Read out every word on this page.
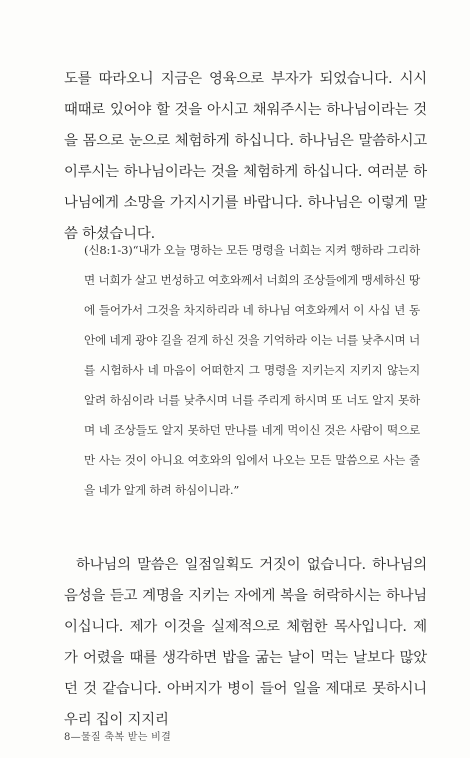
도를 따라오니 지금은 영육으로 부자가 되었습니다. 시시 때때로 있어야 할 것을 아시고 채워주시는 하나님이라는 것을 몸으로 눈으로 체험하게 하십니다. 하나님은 말씀하시고 이루시는 하나님이라는 것을 체험하게 하십니다. 여러분 하나님에게 소망을 가지시기를 바랍니다. 하나님은 이렇게 말씀 하셨습니다.

(신8:1-3)“내가 오늘 명하는 모든 명령을 너희는 지켜 행하라 그리하면 너희가 살고 번성하고 여호와께서 너희의 조상들에게 맹세하신 땅에 들어가서 그것을 차지하리라 네 하나님 여호와께서 이 사십 년 동안에 네게 광야 길을 걷게 하신 것을 기억하라 이는 너를 낮추시며 너를 시험하사 네 마음이 어떠한지 그 명령을 지키는지 지키지 않는지 알려 하심이라 너를 낮추시며 너를 주리게 하시며 또 너도 알지 못하며 네 조상들도 알지 못하던 만나를 네게 먹이신 것은 사람이 떡으로만 사는 것이 아니요 여호와의 입에서 나오는 모든 말씀으로 사는 줄을 네가 알게 하려 하심이니라.”

하나님의 말씀은 일점일획도 거짓이 없습니다. 하나님의 음성을 듣고 계명을 지키는 자에게 복을 허락하시는 하나님이십니다. 제가 이것을 실제적으로 체험한 목사입니다. 제가 어렸을 때를 생각하면 밥을 굶는 날이 먹는 날보다 많았던 것 같습니다. 아버지가 병이 들어 일을 제대로 못하시니 우리 집이 지지리

8—물질 축복 받는 비결
